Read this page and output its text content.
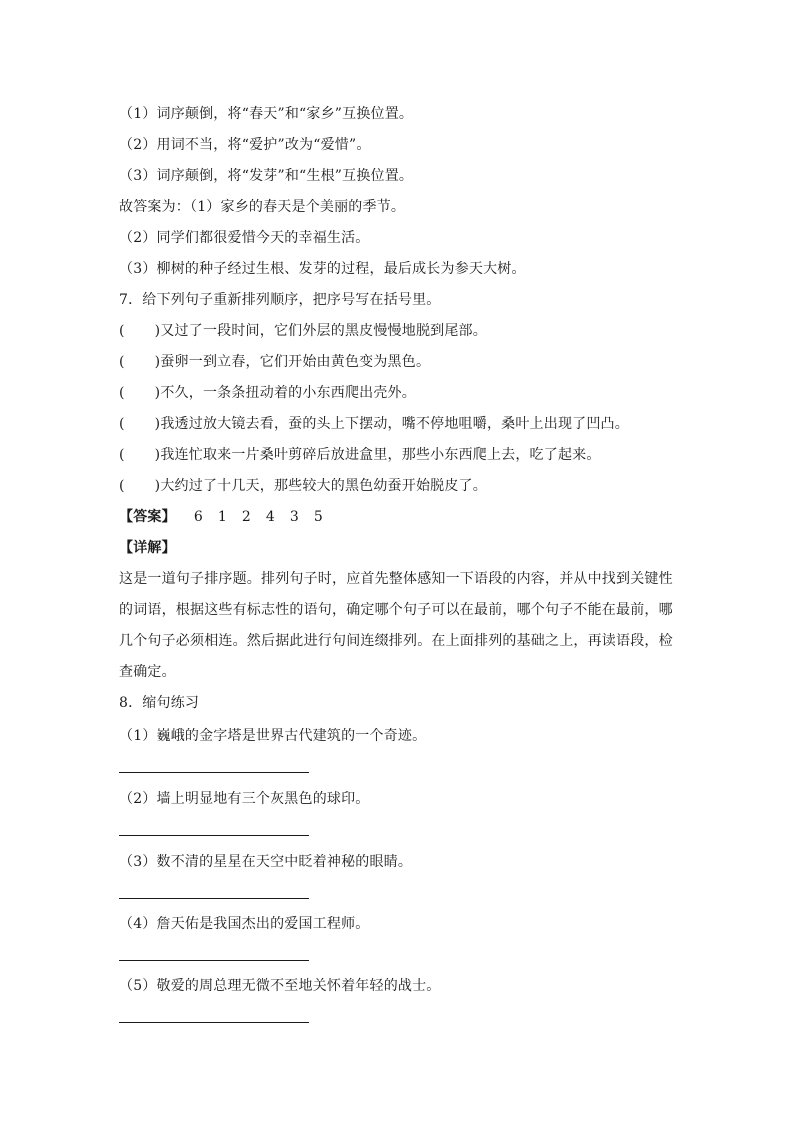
（1）词序颠倒，将“春天”和“家乡”互换位置。
（2）用词不当，将“爱护”改为“爱惜”。
（3）词序颠倒，将“发芽”和“生根”互换位置。
故答案为：（1）家乡的春天是个美丽的季节。
（2）同学们都很爱惜今天的幸福生活。
（3）柳树的种子经过生根、发芽的过程，最后成长为参天大树。
7．给下列句子重新排列顺序，把序号写在括号里。
( )又过了一段时间，它们外层的黑皮慢慢地脱到尾部。
( )蚕卵一到立春，它们开始由黄色变为黑色。
( )不久，一条条扭动着的小东西爬出壳外。
( )我透过放大镜去看，蚕的头上下摆动，嘴不停地咀嚼，桑叶上出现了凹凸。
( )我连忙取来一片桑叶剪碎后放进盒里，那些小东西爬上去，吃了起来。
( )大约过了十几天，那些较大的黑色幼蚕开始脱皮了。
【答案】 6 1 2 4 3 5
【详解】
这是一道句子排序题。排列句子时，应首先整体感知一下语段的内容，并从中找到关键性
的词语，根据这些有标志性的语句，确定哪个句子可以在最前，哪个句子不能在最前，哪
几个句子必须相连。然后据此进行句间连缀排列。在上面排列的基础之上，再读语段，检
查确定。
8．缩句练习
（1）巍峨的金字塔是世界古代建筑的一个奇迹。
（2）墙上明显地有三个灰黑色的球印。
（3）数不清的星星在天空中眨着神秘的眼睛。
（4）詹天佑是我国杰出的爱国工程师。
（5）敬爱的周总理无微不至地关怀着年轻的战士。
